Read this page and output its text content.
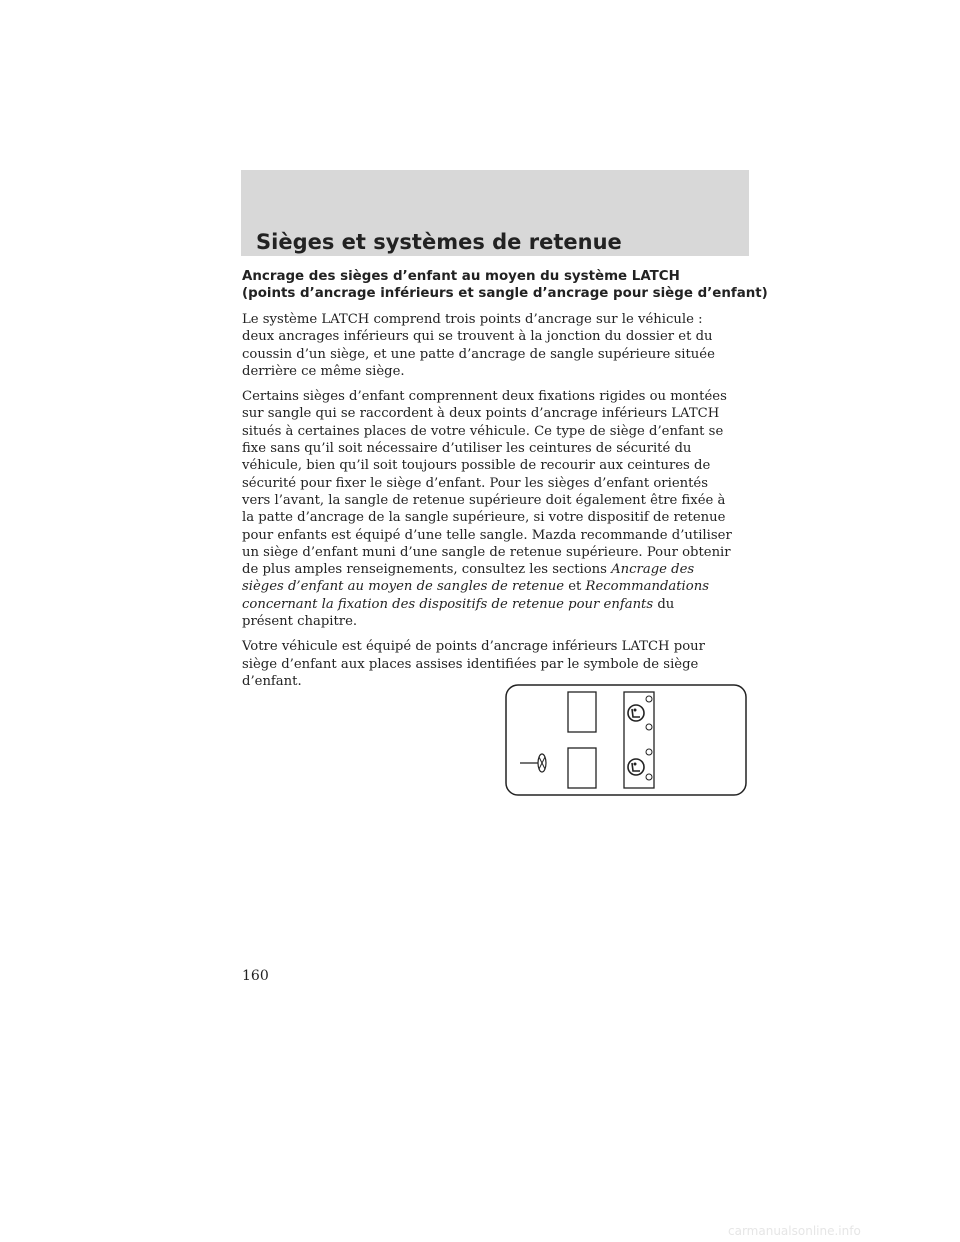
Sièges et systèmes de retenue
Ancrage des sièges d’enfant au moyen du système LATCH
(points d’ancrage inférieurs et sangle d’ancrage pour siège d’enfant)

Le système LATCH comprend trois points d’ancrage sur le véhicule :
deux ancrages inférieurs qui se trouvent à la jonction du dossier et du
coussin d’un siège, et une patte d’ancrage de sangle supérieure située
derrière ce même siège.

Certains sièges d’enfant comprennent deux fixations rigides ou montées
sur sangle qui se raccordent à deux points d’ancrage inférieurs LATCH
situés à certaines places de votre véhicule. Ce type de siège d’enfant se
fixe sans qu’il soit nécessaire d’utiliser les ceintures de sécurité du
véhicule, bien qu’il soit toujours possible de recourir aux ceintures de
sécurité pour fixer le siège d’enfant. Pour les sièges d’enfant orientés
vers l’avant, la sangle de retenue supérieure doit également être fixée à
la patte d’ancrage de la sangle supérieure, si votre dispositif de retenue
pour enfants est équipé d’une telle sangle. Mazda recommande d’utiliser
un siège d’enfant muni d’une sangle de retenue supérieure. Pour obtenir
de plus amples renseignements, consultez les sections Ancrage des
sièges d’enfant au moyen de sangles de retenue et Recommandations
concernant la fixation des dispositifs de retenue pour enfants du
présent chapitre.

Votre véhicule est équipé de points d’ancrage inférieurs LATCH pour
siège d’enfant aux places assises identifiées par le symbole de siège
d’enfant.

160
carmanualsonline.info
